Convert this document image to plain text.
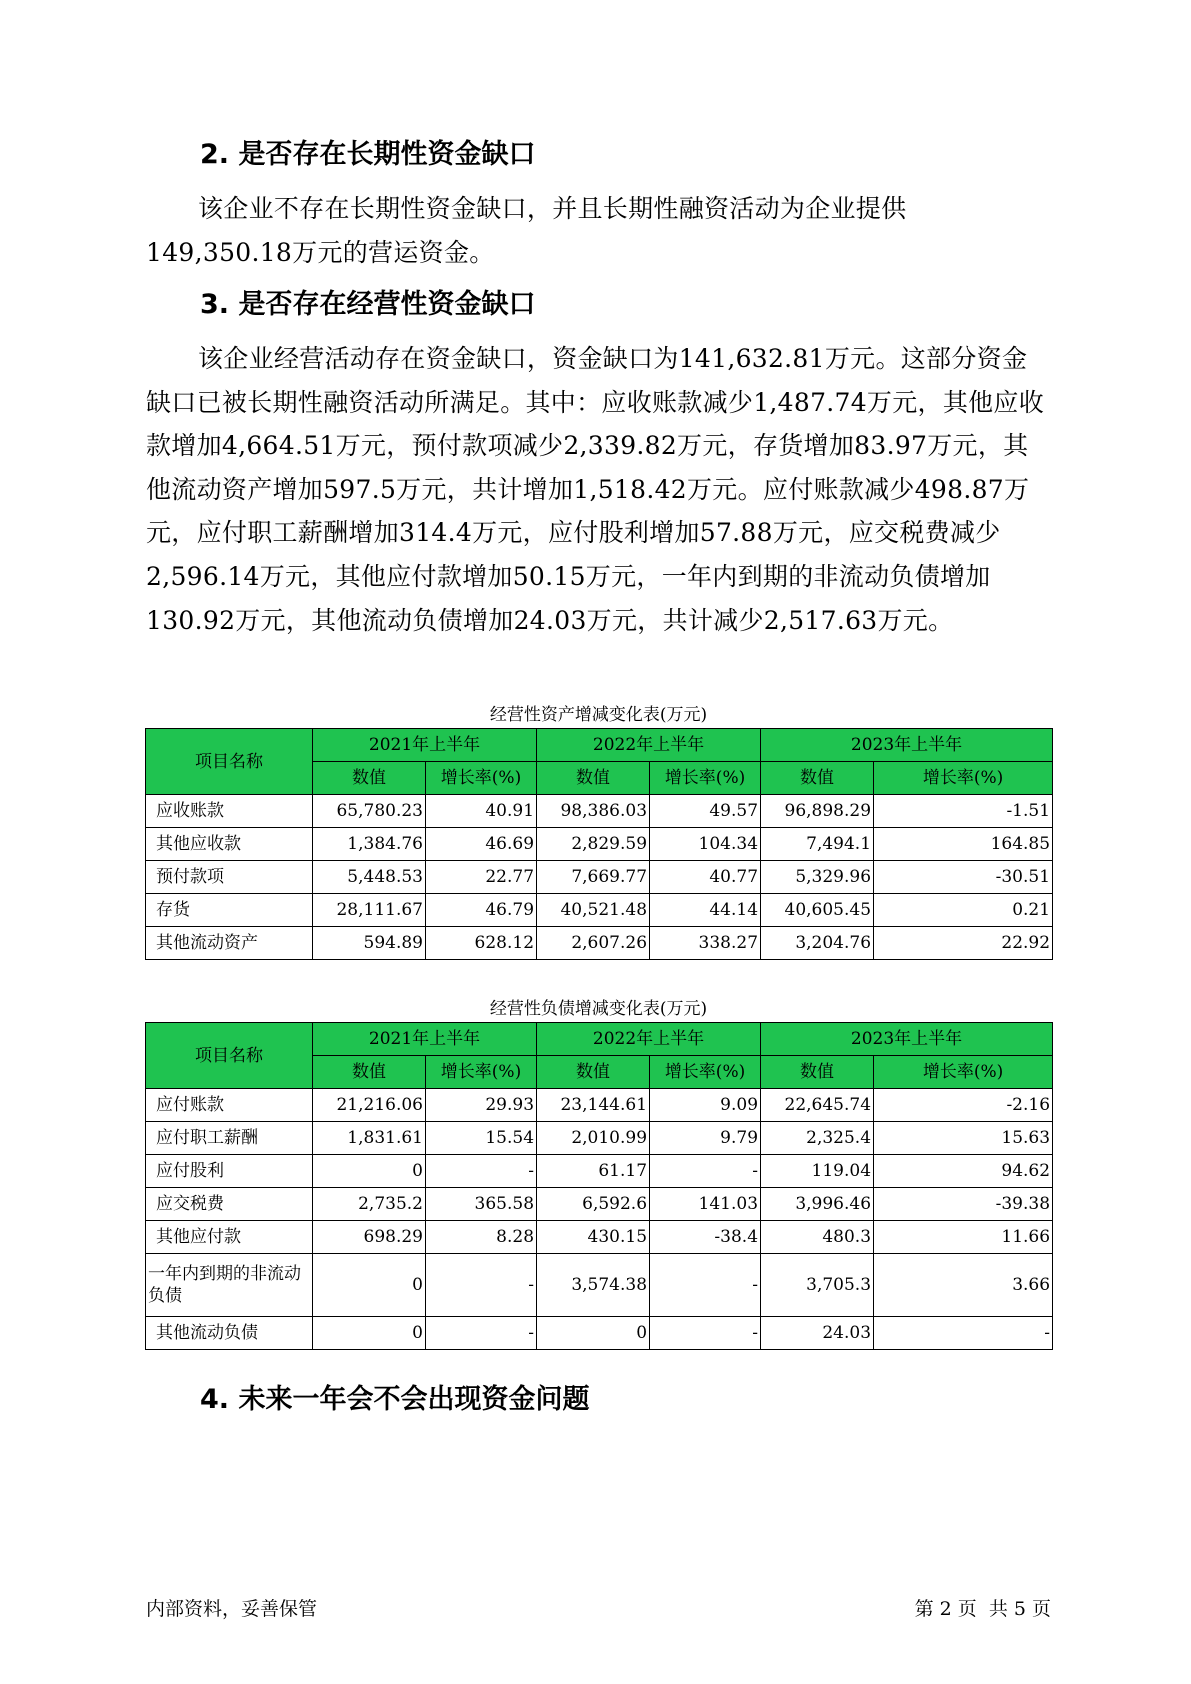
2. 是否存在长期性资金缺口

该企业不存在长期性资金缺口，并且长期性融资活动为企业提供149,350.18万元的营运资金。

3. 是否存在经营性资金缺口

该企业经营活动存在资金缺口，资金缺口为141,632.81万元。这部分资金缺口已被长期性融资活动所满足。其中：应收账款减少1,487.74万元，其他应收款增加4,664.51万元，预付款项减少2,339.82万元，存货增加83.97万元，其他流动资产增加597.5万元，共计增加1,518.42万元。应付账款减少498.87万元，应付职工薪酬增加314.4万元，应付股利增加57.88万元，应交税费减少2,596.14万元，其他应付款增加50.15万元，一年内到期的非流动负债增加130.92万元，其他流动负债增加24.03万元，共计减少2,517.63万元。

经营性资产增减变化表(万元)
项目名称	2021年上半年		2022年上半年		2023年上半年	
	数值	增长率(%)	数值	增长率(%)	数值	增长率(%)
应收账款	65,780.23	40.91	98,386.03	49.57	96,898.29	-1.51
其他应收款	1,384.76	46.69	2,829.59	104.34	7,494.1	164.85
预付款项	5,448.53	22.77	7,669.77	40.77	5,329.96	-30.51
存货	28,111.67	46.79	40,521.48	44.14	40,605.45	0.21
其他流动资产	594.89	628.12	2,607.26	338.27	3,204.76	22.92
经营性负债增减变化表(万元)
项目名称	2021年上半年		2022年上半年		2023年上半年	
	数值	增长率(%)	数值	增长率(%)	数值	增长率(%)
应付账款	21,216.06	29.93	23,144.61	9.09	22,645.74	-2.16
应付职工薪酬	1,831.61	15.54	2,010.99	9.79	2,325.4	15.63
应付股利	0	-	61.17	-	119.04	94.62
应交税费	2,735.2	365.58	6,592.6	141.03	3,996.46	-39.38
其他应付款	698.29	8.28	430.15	-38.4	480.3	11.66
一年内到期的非流动负债	0	-	3,574.38	-	3,705.3	3.66
其他流动负债	0	-	0	-	24.03	-
4. 未来一年会不会出现资金问题
内部资料，妥善保管	第 2 页  共 5 页
